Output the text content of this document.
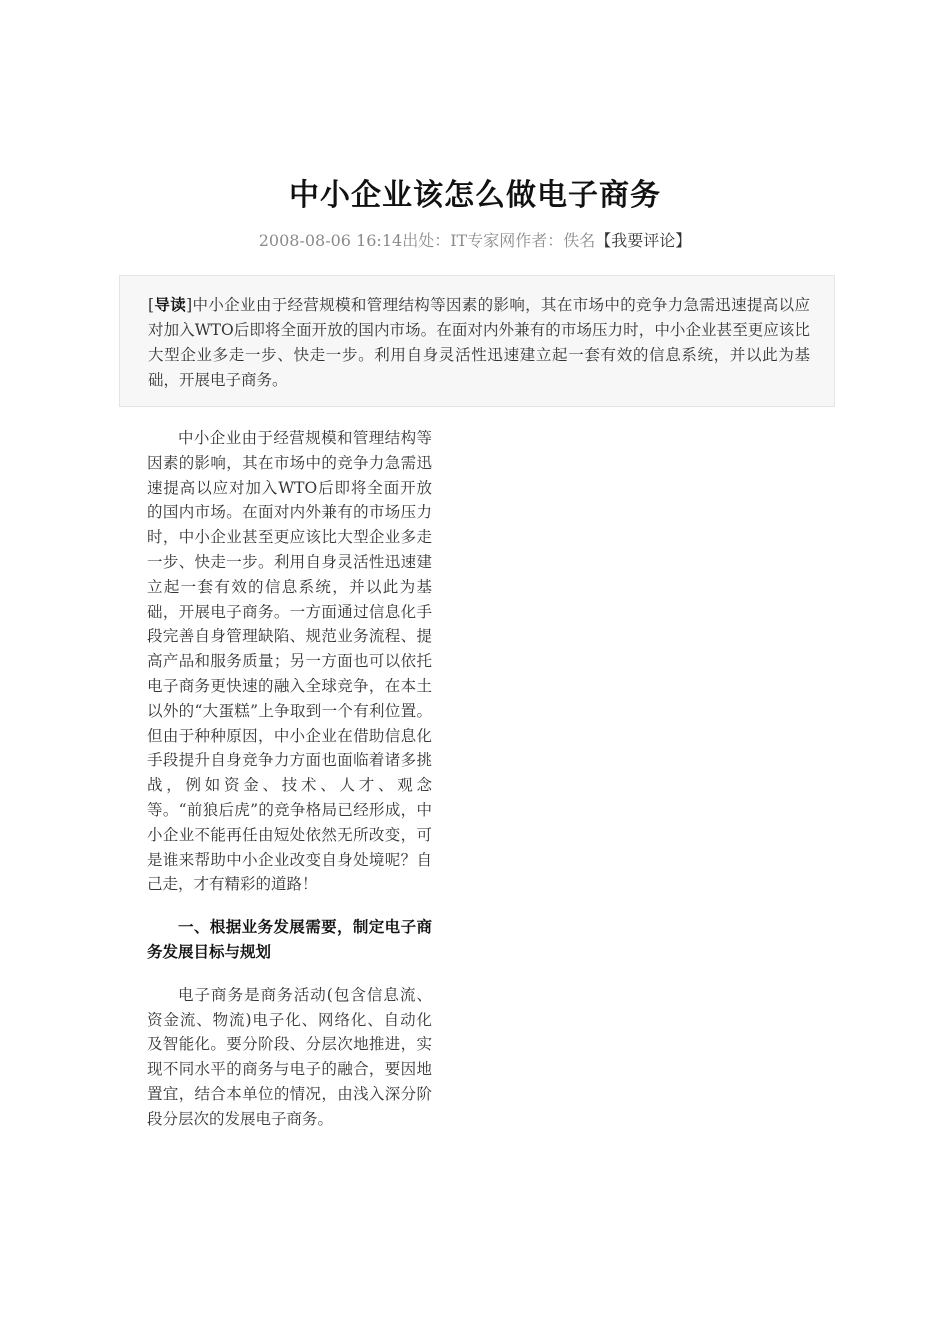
中小企业该怎么做电子商务
2008-08-06 16:14出处：IT专家网作者：佚名【我要评论】

[导读]中小企业由于经营规模和管理结构等因素的影响，其在市场中的竞争力急需迅速提高以应对加入WTO后即将全面开放的国内市场。在面对内外兼有的市场压力时，中小企业甚至更应该比大型企业多走一步、快走一步。利用自身灵活性迅速建立起一套有效的信息系统，并以此为基础，开展电子商务。

中小企业由于经营规模和管理结构等因素的影响，其在市场中的竞争力急需迅速提高以应对加入WTO后即将全面开放的国内市场。在面对内外兼有的市场压力时，中小企业甚至更应该比大型企业多走一步、快走一步。利用自身灵活性迅速建立起一套有效的信息系统，并以此为基础，开展电子商务。一方面通过信息化手段完善自身管理缺陷、规范业务流程、提高产品和服务质量；另一方面也可以依托电子商务更快速的融入全球竞争，在本土以外的“大蛋糕”上争取到一个有利位置。但由于种种原因，中小企业在借助信息化手段提升自身竞争力方面也面临着诸多挑战，例如资金、技术、人才、观念等。“前狼后虎”的竞争格局已经形成，中小企业不能再任由短处依然无所改变，可是谁来帮助中小企业改变自身处境呢？自己走，才有精彩的道路！

一、根据业务发展需要，制定电子商务发展目标与规划

电子商务是商务活动(包含信息流、资金流、物流)电子化、网络化、自动化及智能化。要分阶段、分层次地推进，实现不同水平的商务与电子的融合，要因地置宜，结合本单位的情况，由浅入深分阶段分层次的发展电子商务。
